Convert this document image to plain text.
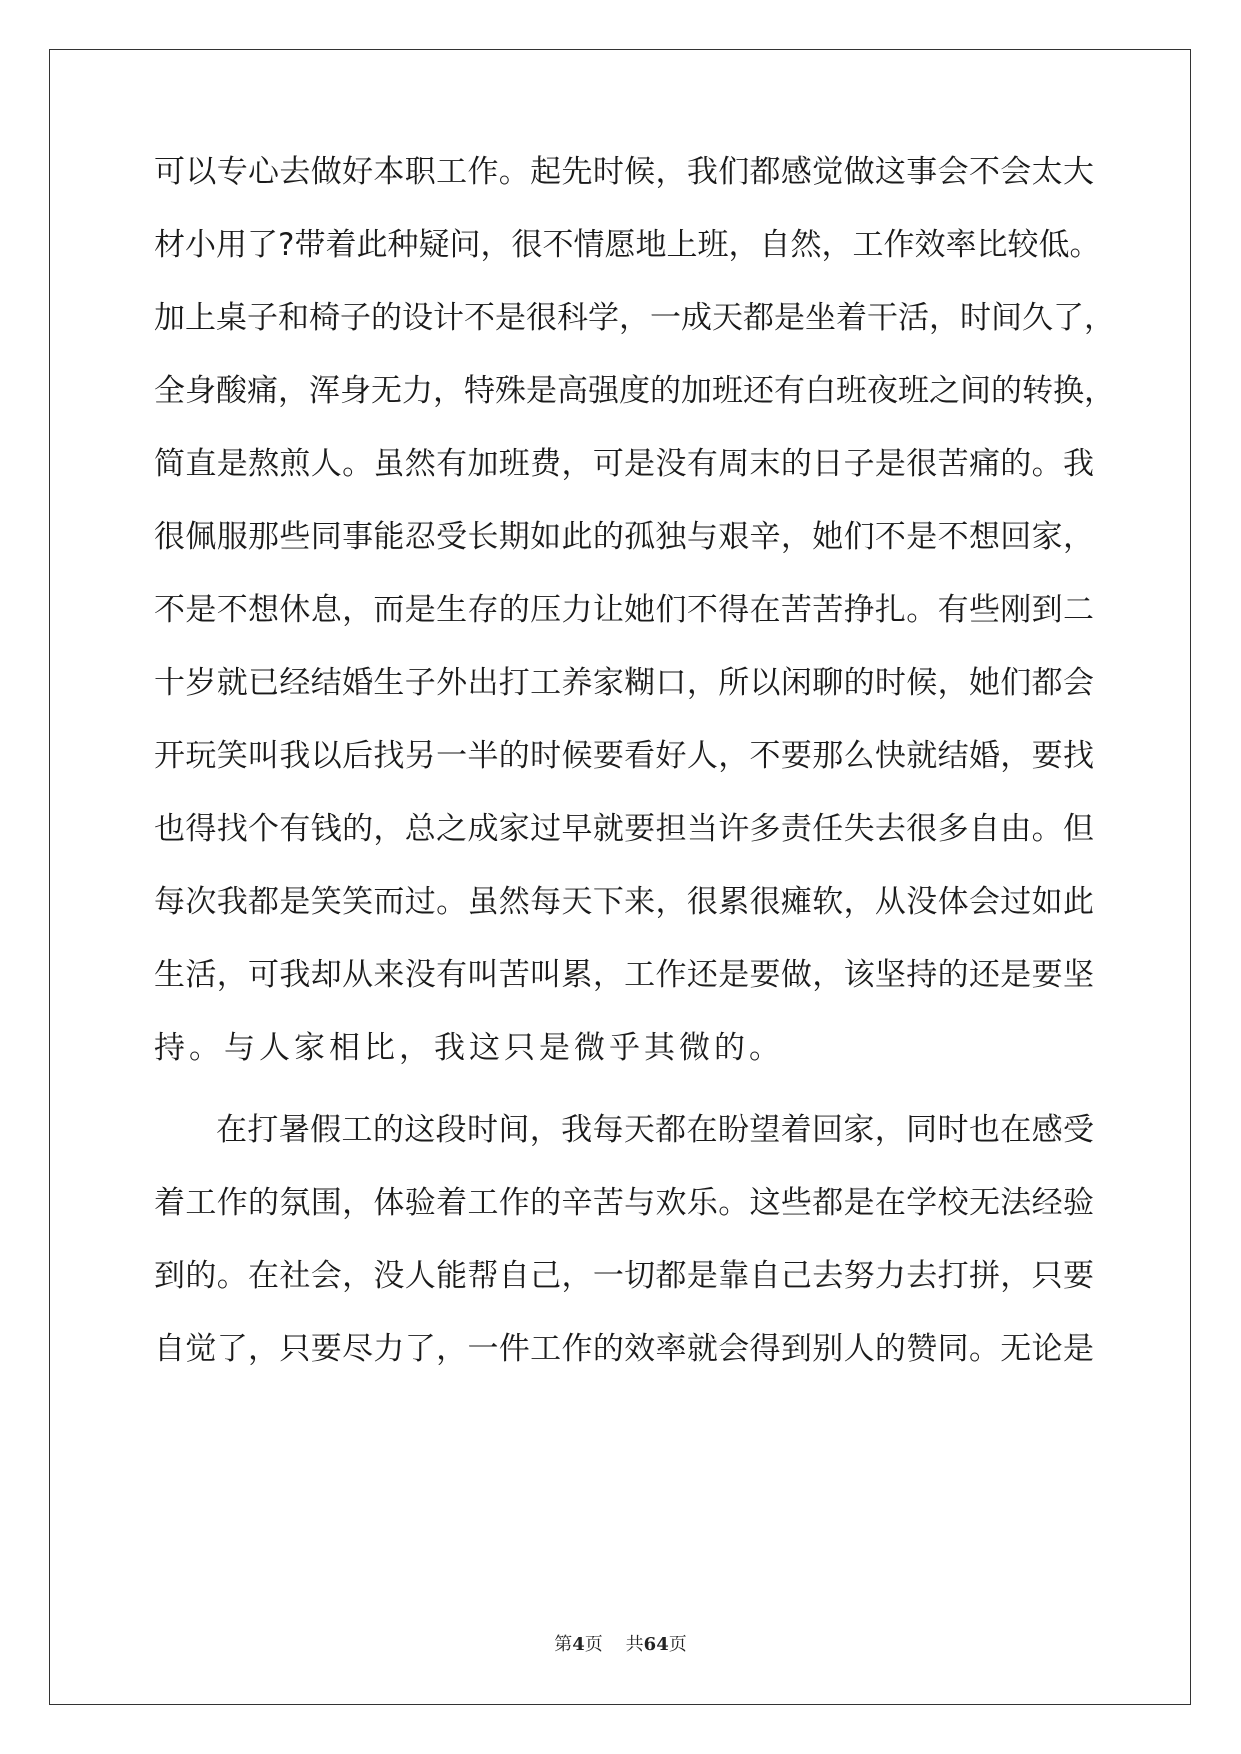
可以专心去做好本职工作。起先时候，我们都感觉做这事会不会太大
材小用了?带着此种疑问，很不情愿地上班，自然，工作效率比较低。
加上桌子和椅子的设计不是很科学，一成天都是坐着干活，时间久了，
全身酸痛，浑身无力，特殊是高强度的加班还有白班夜班之间的转换，
简直是熬煎人。虽然有加班费，可是没有周末的日子是很苦痛的。我
很佩服那些同事能忍受长期如此的孤独与艰辛，她们不是不想回家，
不是不想休息，而是生存的压力让她们不得在苦苦挣扎。有些刚到二
十岁就已经结婚生子外出打工养家糊口，所以闲聊的时候，她们都会
开玩笑叫我以后找另一半的时候要看好人，不要那么快就结婚，要找
也得找个有钱的，总之成家过早就要担当许多责任失去很多自由。但
每次我都是笑笑而过。虽然每天下来，很累很瘫软，从没体会过如此
生活，可我却从来没有叫苦叫累，工作还是要做，该坚持的还是要坚
持。与人家相比，我这只是微乎其微的。
在打暑假工的这段时间，我每天都在盼望着回家，同时也在感受
着工作的氛围，体验着工作的辛苦与欢乐。这些都是在学校无法经验
到的。在社会，没人能帮自己，一切都是靠自己去努力去打拼，只要
自觉了，只要尽力了，一件工作的效率就会得到别人的赞同。无论是
第4页 共64页
